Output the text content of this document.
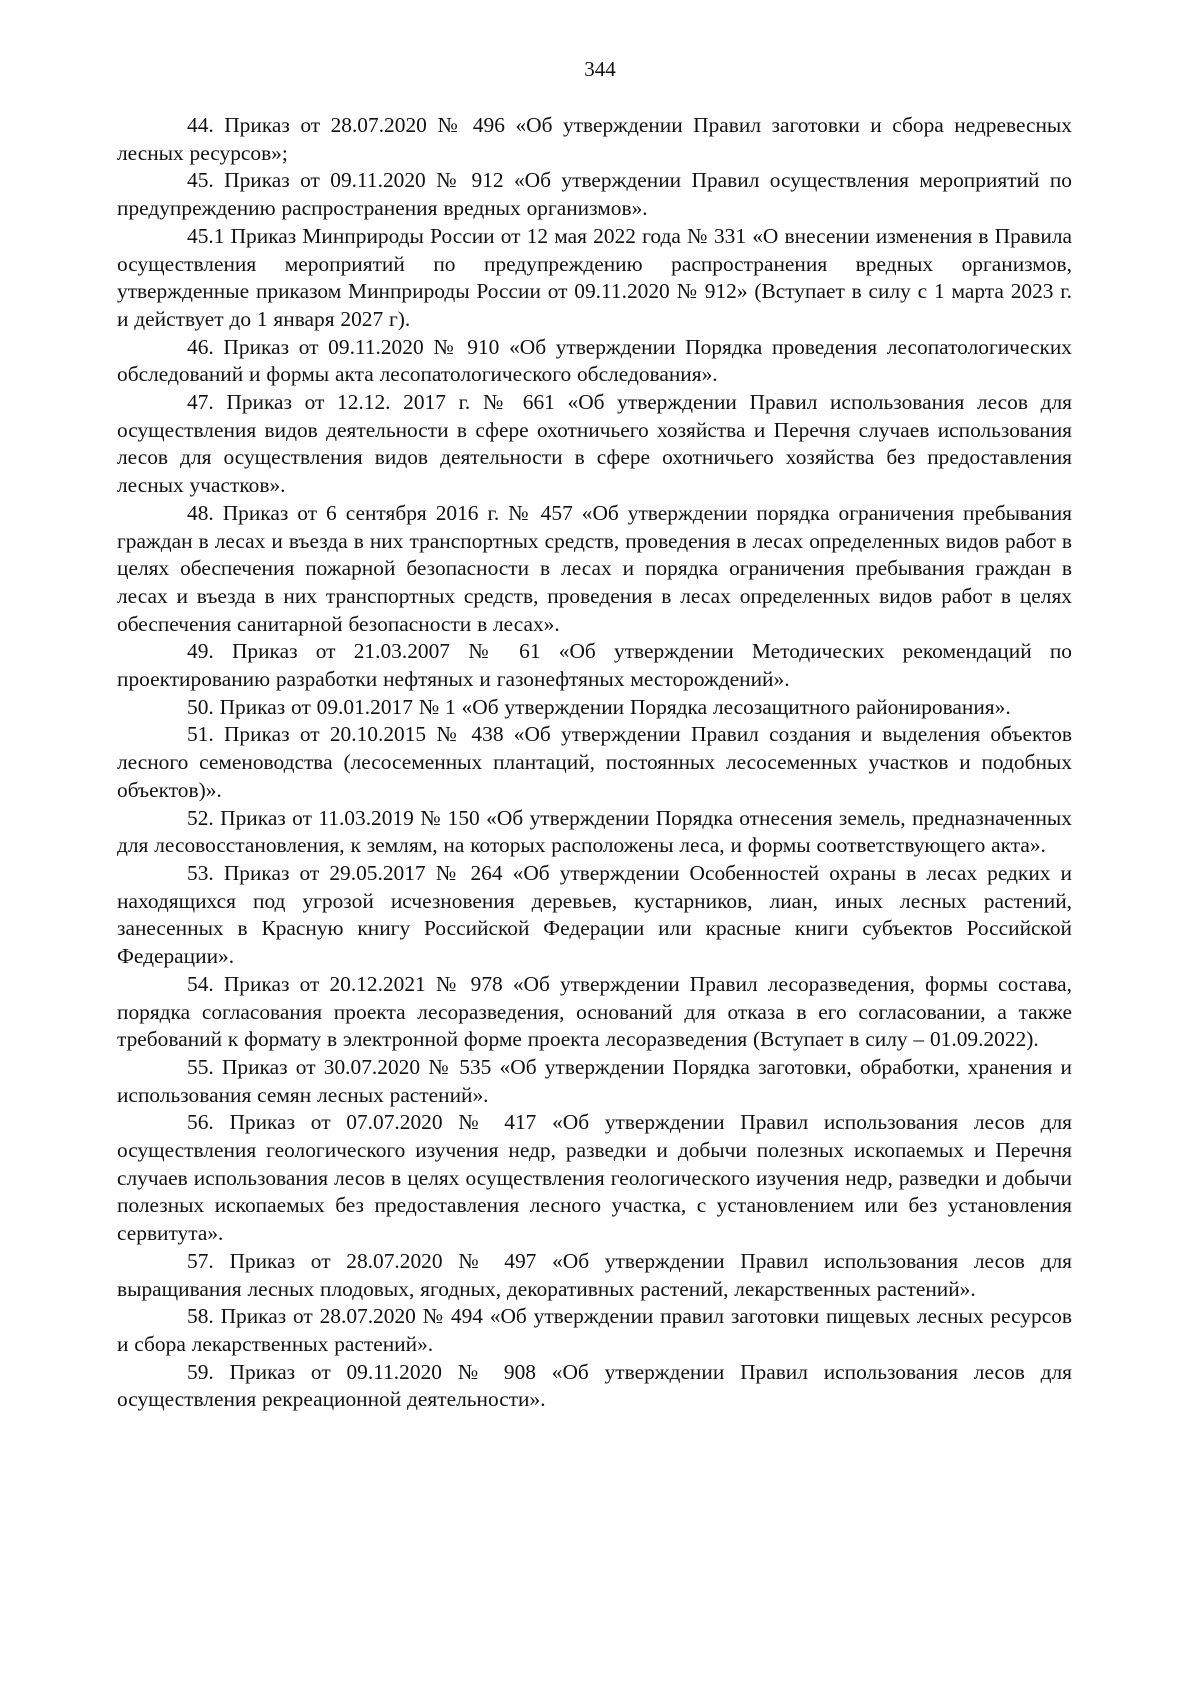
344

44. Приказ от 28.07.2020 № 496 «Об утверждении Правил заготовки и сбора недревесных лесных ресурсов»;

45. Приказ от 09.11.2020 № 912 «Об утверждении Правил осуществления мероприятий по предупреждению распространения вредных организмов».

45.1 Приказ Минприроды России от 12 мая 2022 года № 331 «О внесении изменения в Правила осуществления мероприятий по предупреждению распространения вредных организмов, утвержденные приказом Минприроды России от 09.11.2020 № 912» (Вступает в силу с 1 марта 2023 г. и действует до 1 января 2027 г).

46. Приказ от 09.11.2020 № 910 «Об утверждении Порядка проведения лесопатологических обследований и формы акта лесопатологического обследования».

47. Приказ от 12.12. 2017 г. № 661 «Об утверждении Правил использования лесов для осуществления видов деятельности в сфере охотничьего хозяйства и Перечня случаев использования лесов для осуществления видов деятельности в сфере охотничьего хозяйства без предоставления лесных участков».

48. Приказ от 6 сентября 2016 г. № 457 «Об утверждении порядка ограничения пребывания граждан в лесах и въезда в них транспортных средств, проведения в лесах определенных видов работ в целях обеспечения пожарной безопасности в лесах и порядка ограничения пребывания граждан в лесах и въезда в них транспортных средств, проведения в лесах определенных видов работ в целях обеспечения санитарной безопасности в лесах».

49. Приказ от 21.03.2007 № 61 «Об утверждении Методических рекомендаций по проектированию разработки нефтяных и газонефтяных месторождений».

50. Приказ от 09.01.2017 № 1 «Об утверждении Порядка лесозащитного районирования».

51. Приказ от 20.10.2015 № 438 «Об утверждении Правил создания и выделения объектов лесного семеноводства (лесосеменных плантаций, постоянных лесосеменных участков и подобных объектов)».

52. Приказ от 11.03.2019 № 150 «Об утверждении Порядка отнесения земель, предназначенных для лесовосстановления, к землям, на которых расположены леса, и формы соответствующего акта».

53. Приказ от 29.05.2017 № 264 «Об утверждении Особенностей охраны в лесах редких и находящихся под угрозой исчезновения деревьев, кустарников, лиан, иных лесных растений, занесенных в Красную книгу Российской Федерации или красные книги субъектов Российской Федерации».

54. Приказ от 20.12.2021 № 978 «Об утверждении Правил лесоразведения, формы состава, порядка согласования проекта лесоразведения, оснований для отказа в его согласовании, а также требований к формату в электронной форме проекта лесоразведения (Вступает в силу – 01.09.2022).

55. Приказ от 30.07.2020 № 535 «Об утверждении Порядка заготовки, обработки, хранения и использования семян лесных растений».

56. Приказ от 07.07.2020 № 417 «Об утверждении Правил использования лесов для осуществления геологического изучения недр, разведки и добычи полезных ископаемых и Перечня случаев использования лесов в целях осуществления геологического изучения недр, разведки и добычи полезных ископаемых без предоставления лесного участка, с установлением или без установления сервитута».

57. Приказ от 28.07.2020 № 497 «Об утверждении Правил использования лесов для выращивания лесных плодовых, ягодных, декоративных растений, лекарственных растений».

58. Приказ от 28.07.2020 № 494 «Об утверждении правил заготовки пищевых лесных ресурсов и сбора лекарственных растений».

59. Приказ от 09.11.2020 № 908 «Об утверждении Правил использования лесов для осуществления рекреационной деятельности».
